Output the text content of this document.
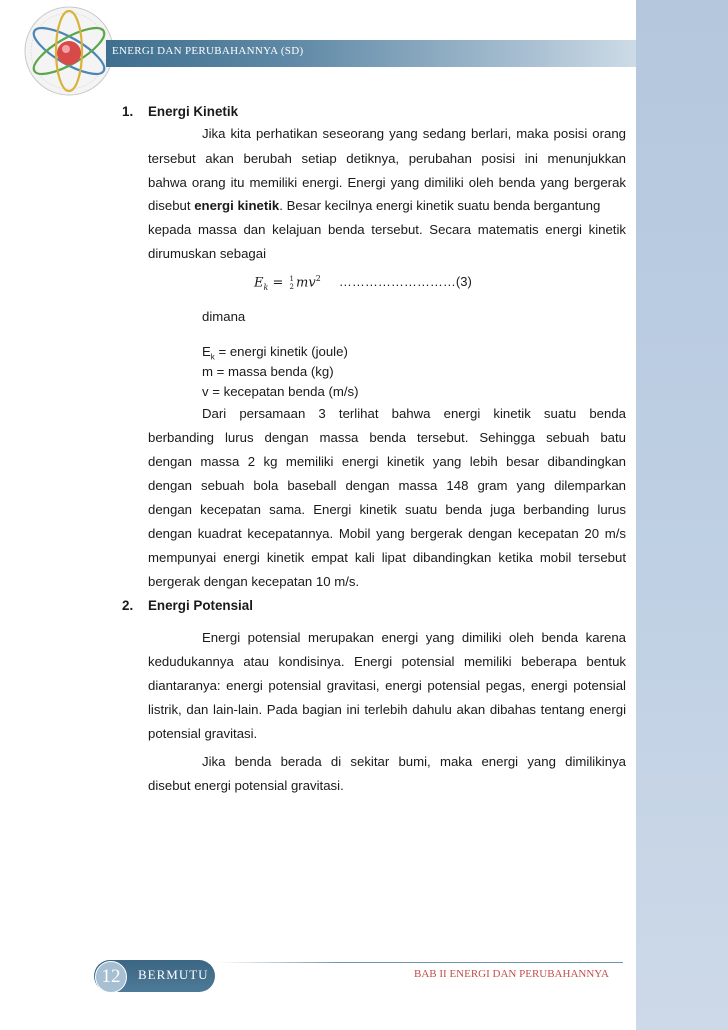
ENERGI DAN PERUBAHANNYA (SD)
1. Energi Kinetik
Jika kita perhatikan seseorang yang sedang berlari, maka posisi orang
tersebut akan berubah setiap detiknya, perubahan posisi ini menunjukkan
bahwa orang itu memiliki energi. Energi yang dimiliki oleh benda yang bergerak
disebut energi kinetik. Besar kecilnya energi kinetik suatu benda bergantung
kepada massa dan kelajuan benda tersebut. Secara matematis energi kinetik
dirumuskan sebagai
$E_k = 1$
2 $mv^2$ ………………………(3)
dimana
$E_k$ = energi kinetik (joule)
m = massa benda (kg)
v = kecepatan benda (m/s)
Dari persamaan 3 terlihat bahwa energi kinetik suatu benda
berbanding lurus dengan massa benda tersebut. Sehingga sebuah batu
dengan massa 2 kg memiliki energi kinetik yang lebih besar dibandingkan
dengan sebuah bola baseball dengan massa 148 gram yang dilemparkan
dengan kecepatan sama. Energi kinetik suatu benda juga berbanding lurus
dengan kuadrat kecepatannya. Mobil yang bergerak dengan kecepatan 20 m/s
mempunyai energi kinetik empat kali lipat dibandingkan ketika mobil tersebut
bergerak dengan kecepatan 10 m/s.
2. Energi Potensial
Energi potensial merupakan energi yang dimiliki oleh benda karena
kedudukannya atau kondisinya. Energi potensial memiliki beberapa bentuk
diantaranya: energi potensial gravitasi, energi potensial pegas, energi potensial
listrik, dan lain-lain. Pada bagian ini terlebih dahulu akan dibahas tentang energi
potensial gravitasi.
Jika benda berada di sekitar bumi, maka energi yang dimilikinya
disebut energi potensial gravitasi.
12	BERMUTU	BAB II ENERGI DAN PERUBAHANNYA
